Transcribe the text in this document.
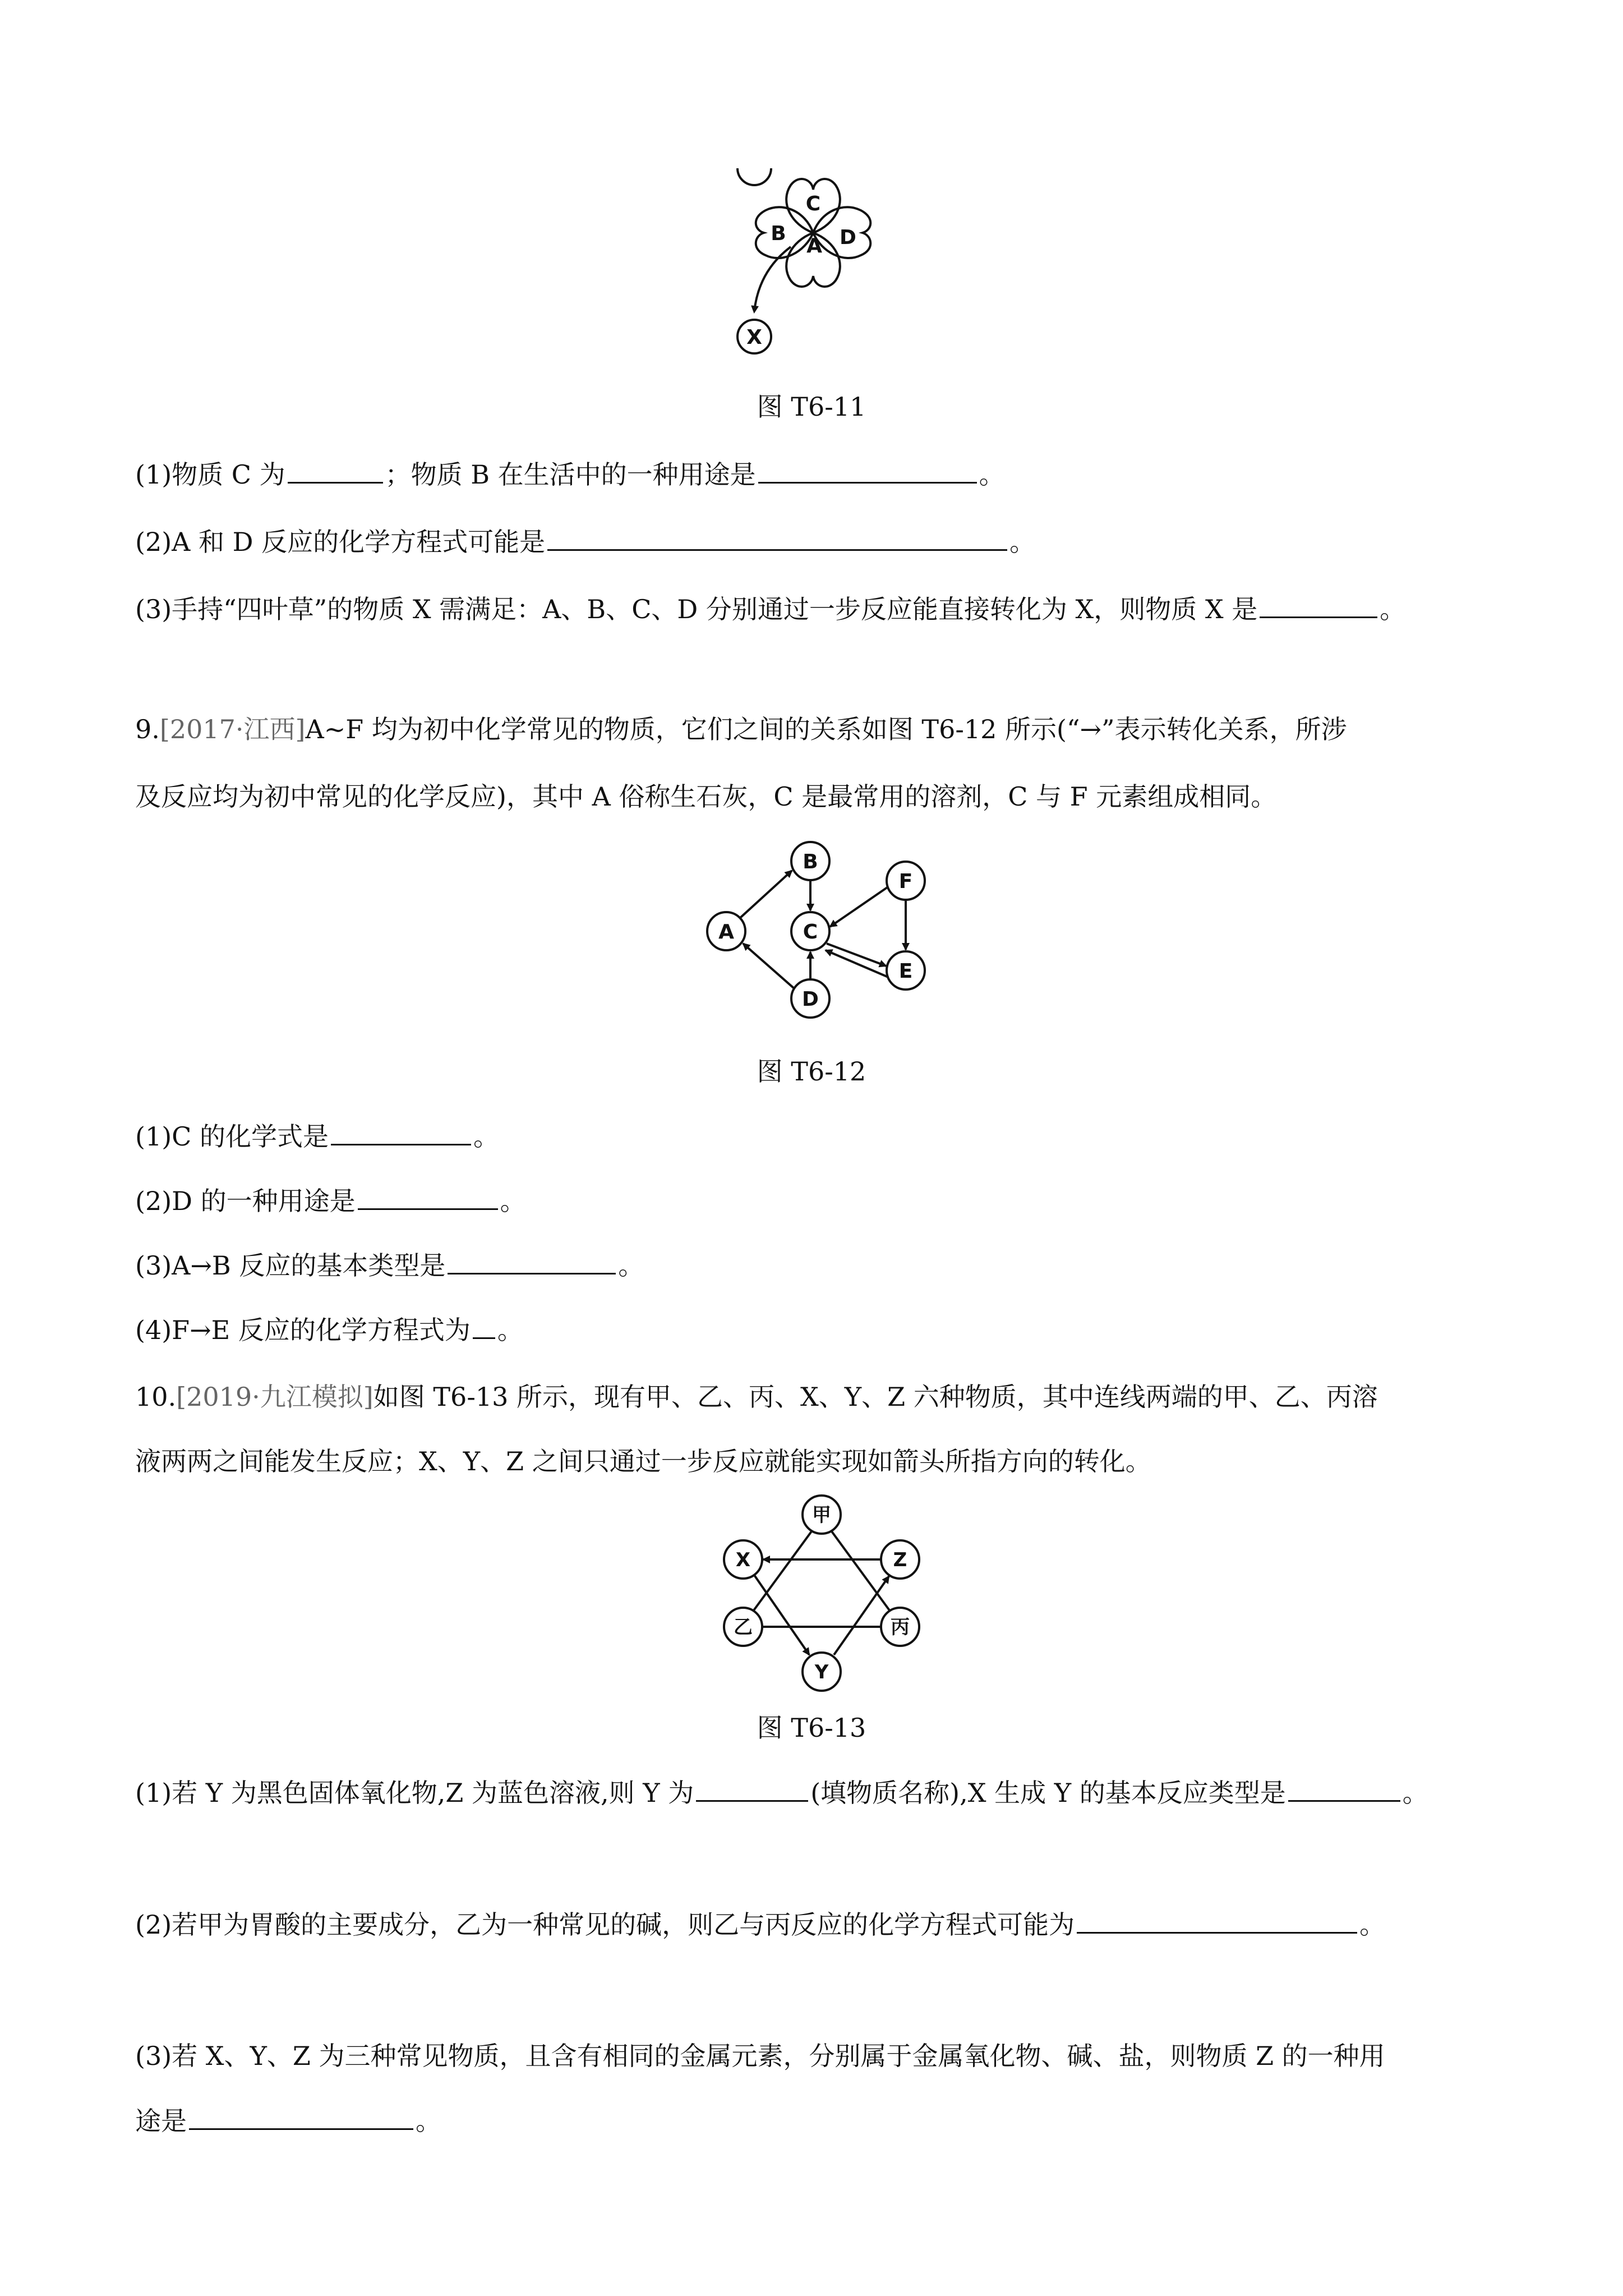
C
B
A D
X
图 T6-11
(1)物质 C 为	；物质 B 在生活中的一种用途是	。
(2)A 和 D 反应的化学方程式可能是	。
(3)手持“四叶草”的物质 X 需满足：A、B、C、D 分别通过一步反应能直接转化为 X，则物质 X 是	。
9.[2017·江西]A~F 均为初中化学常见的物质，它们之间的关系如图 T6-12 所示(“→”表示转化关系，所涉
及反应均为初中常见的化学反应)，其中 A 俗称生石灰，C 是最常用的溶剂，C 与 F 元素组成相同。
A
B
C
D
E
F
图 T6-12
(1)C 的化学式是	。
(2)D 的一种用途是	。
(3)A→B 反应的基本类型是	。
(4)F→E 反应的化学方程式为 。
10.[2019·九江模拟]如图 T6-13 所示，现有甲、乙、丙、X、Y、Z 六种物质，其中连线两端的甲、乙、丙溶
液两两之间能发生反应；X、Y、Z 之间只通过一步反应就能实现如箭头所指方向的转化。
甲
X	Z
乙	丙
Y
图 T6-13
(1)若 Y 为黑色固体氧化物,Z 为蓝色溶液,则 Y 为	(填物质名称),X 生成 Y 的基本反应类型是	。
(2)若甲为胃酸的主要成分，乙为一种常见的碱，则乙与丙反应的化学方程式可能为	。
(3)若 X、Y、Z 为三种常见物质，且含有相同的金属元素，分别属于金属氧化物、碱、盐，则物质 Z 的一种用
途是	。
